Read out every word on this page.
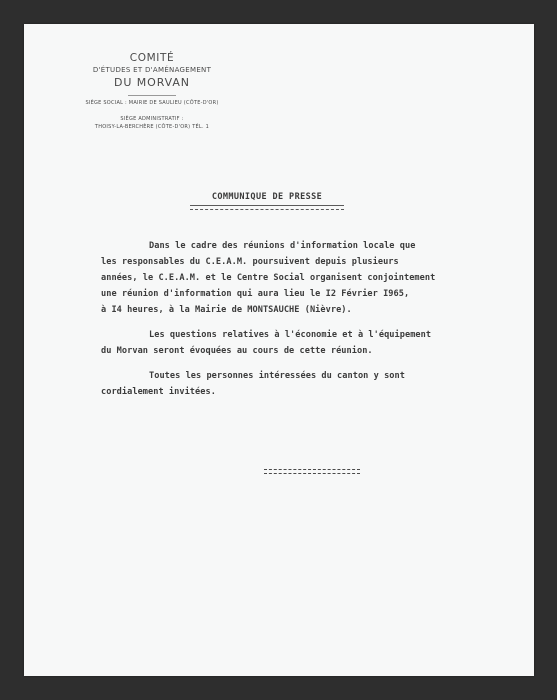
COMITÉ

D'ÉTUDES ET D'AMÉNAGEMENT

DU MORVAN

SIÈGE SOCIAL : MAIRIE DE SAULIEU (CÔTE-D'OR)

SIÈGE ADMINISTRATIF :

THOISY-LA-BERCHÈRE (CÔTE-D'OR) TÉL. 1

COMMUNIQUE DE PRESSE
Dans le cadre des réunions d'information locale que
les responsables du C.E.A.M. poursuivent depuis plusieurs
années, le C.E.A.M. et le Centre Social organisent conjointement
une réunion d'information qui aura lieu le I2 Février I965,
à I4 heures, à la Mairie de MONTSAUCHE (Nièvre).
Les questions relatives à l'économie et à l'équipement
du Morvan seront évoquées au cours de cette réunion.
Toutes les personnes intéressées du canton y sont
cordialement invitées.
